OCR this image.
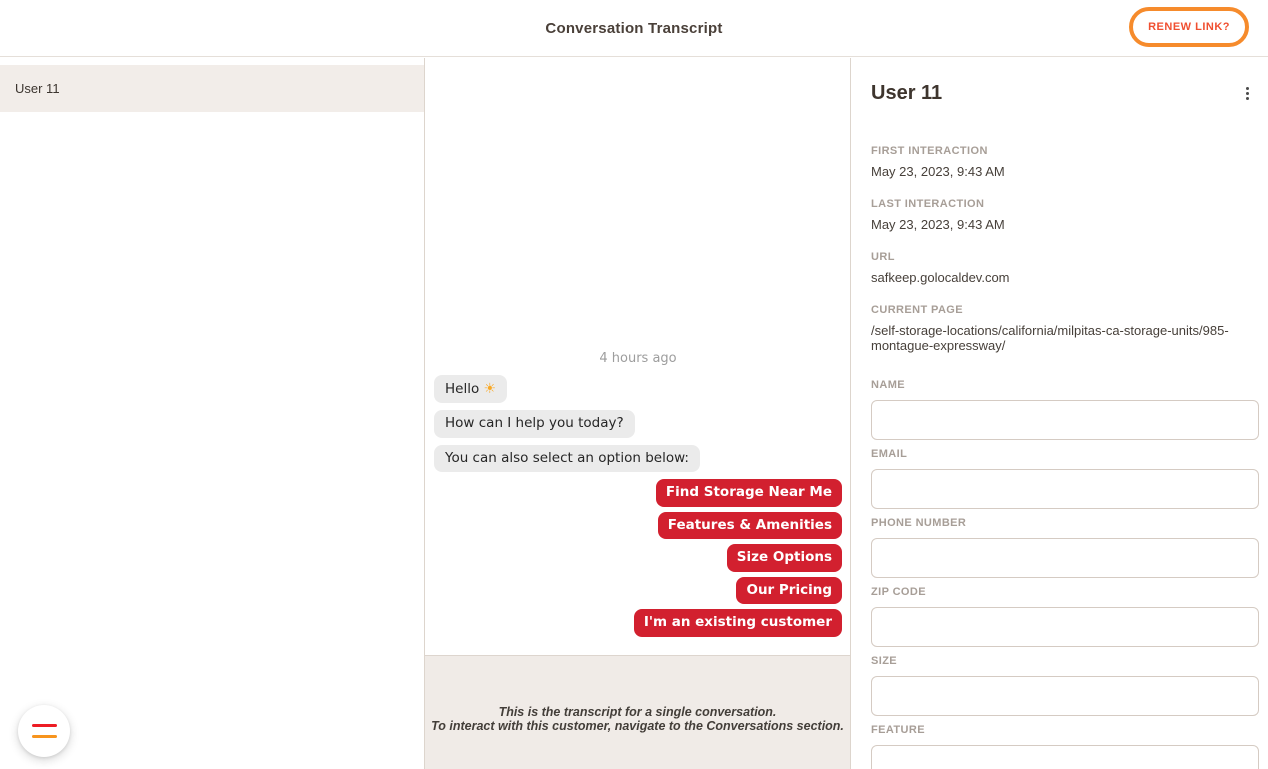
Conversation Transcript	RENEW LINK?
User 11
4 hours ago
Hello ☀
How can I help you today?
You can also select an option below:
Find Storage Near Me
Features & Amenities
Size Options
Our Pricing
I'm an existing customer
This is the transcript for a single conversation.
To interact with this customer, navigate to the Conversations section.
User 11
FIRST INTERACTION
May 23, 2023, 9:43 AM
LAST INTERACTION
May 23, 2023, 9:43 AM
URL
safkeep.golocaldev.com
CURRENT PAGE
/self-storage-locations/california/milpitas-ca-storage-units/985-montague-expressway/
NAME
EMAIL
PHONE NUMBER
ZIP CODE
SIZE
FEATURE
